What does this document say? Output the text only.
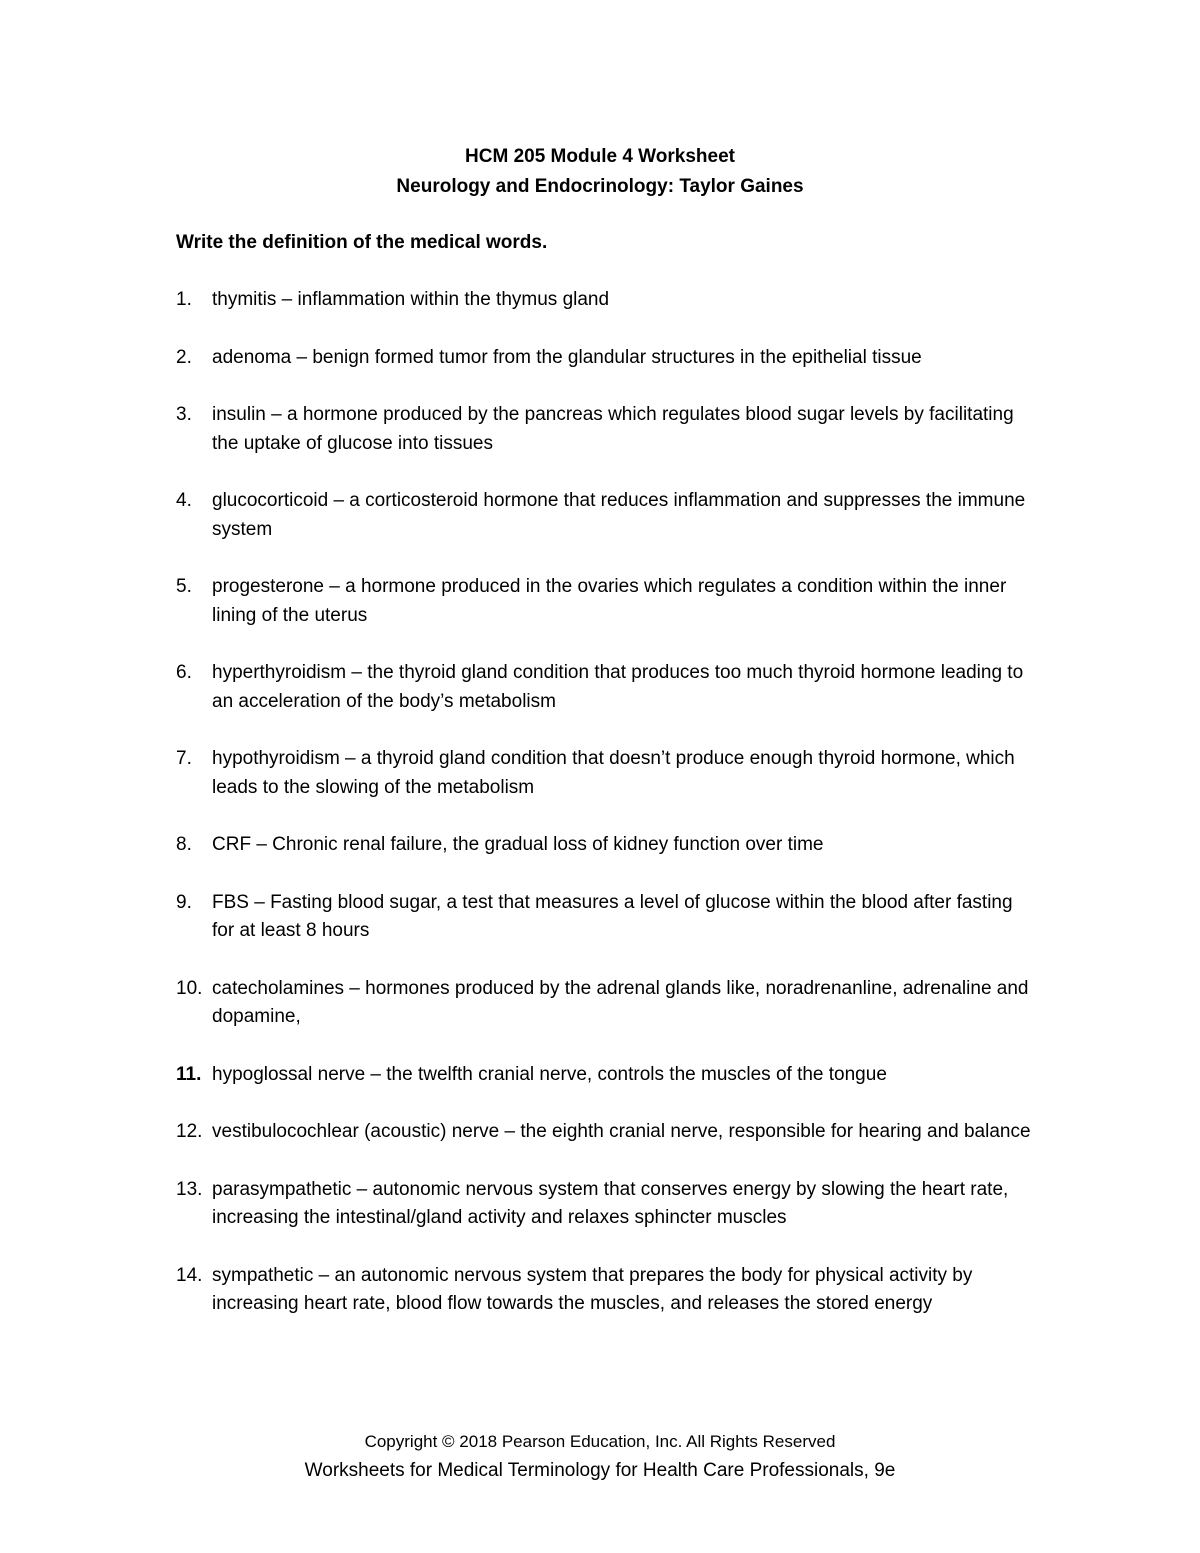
HCM 205 Module 4 Worksheet
Neurology and Endocrinology: Taylor Gaines
Write the definition of the medical words.
1. thymitis – inflammation within the thymus gland
2. adenoma – benign formed tumor from the glandular structures in the epithelial tissue
3. insulin – a hormone produced by the pancreas which regulates blood sugar levels by facilitating the uptake of glucose into tissues
4. glucocorticoid – a corticosteroid hormone that reduces inflammation and suppresses the immune system
5. progesterone – a hormone produced in the ovaries which regulates a condition within the inner lining of the uterus
6. hyperthyroidism – the thyroid gland condition that produces too much thyroid hormone leading to an acceleration of the body’s metabolism
7. hypothyroidism – a thyroid gland condition that doesn’t produce enough thyroid hormone, which leads to the slowing of the metabolism
8. CRF – Chronic renal failure, the gradual loss of kidney function over time
9. FBS – Fasting blood sugar, a test that measures a level of glucose within the blood after fasting for at least 8 hours
10. catecholamines – hormones produced by the adrenal glands like, noradrenanline, adrenaline and dopamine,
11. hypoglossal nerve – the twelfth cranial nerve, controls the muscles of the tongue
12. vestibulocochlear (acoustic) nerve – the eighth cranial nerve, responsible for hearing and balance
13. parasympathetic – autonomic nervous system that conserves energy by slowing the heart rate, increasing the intestinal/gland activity and relaxes sphincter muscles
14. sympathetic – an autonomic nervous system that prepares the body for physical activity by increasing heart rate, blood flow towards the muscles, and releases the stored energy
Copyright © 2018 Pearson Education, Inc. All Rights Reserved
Worksheets for Medical Terminology for Health Care Professionals, 9e
